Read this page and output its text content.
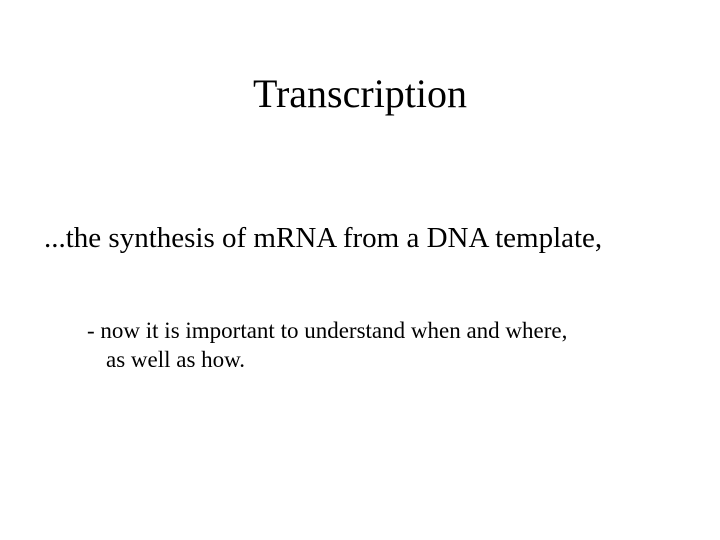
Transcription
...the synthesis of mRNA from a DNA template,
- now it is important to understand when and where,
as well as how.
